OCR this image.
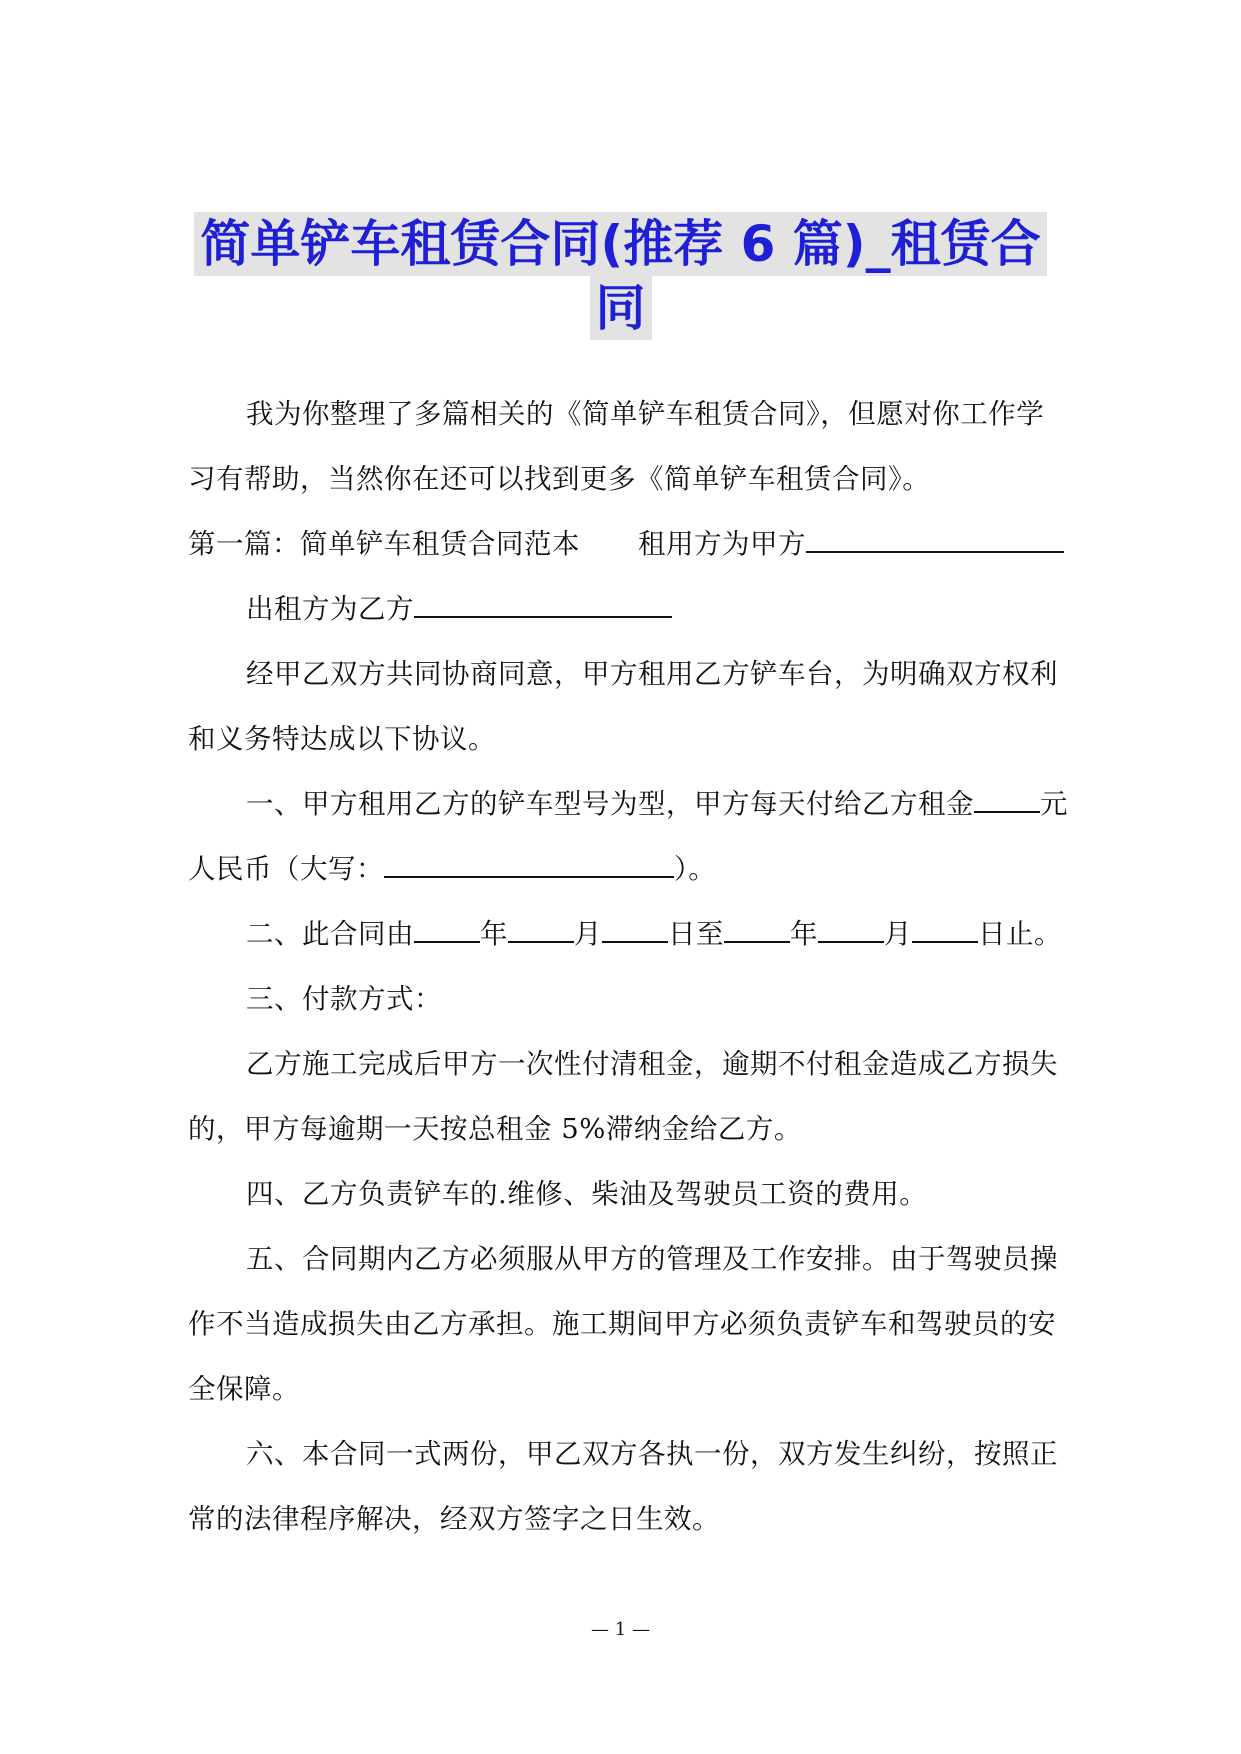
简单铲车租赁合同(推荐 6 篇)_租赁合
同

我为你整理了多篇相关的《简单铲车租赁合同》，但愿对你工作学习有帮助，当然你在还可以找到更多《简单铲车租赁合同》。

第一篇：简单铲车租赁合同范本 租用方为甲方

出租方为乙方

经甲乙双方共同协商同意，甲方租用乙方铲车台，为明确双方权利和义务特达成以下协议。

一、甲方租用乙方的铲车型号为型，甲方每天付给乙方租金 元人民币（大写：	）。

二、此合同由 年 月 日至 年 月 日止。

三、付款方式：

乙方施工完成后甲方一次性付清租金，逾期不付租金造成乙方损失的，甲方每逾期一天按总租金 5%滞纳金给乙方。

四、乙方负责铲车的.维修、柴油及驾驶员工资的费用。

五、合同期内乙方必须服从甲方的管理及工作安排。由于驾驶员操作不当造成损失由乙方承担。施工期间甲方必须负责铲车和驾驶员的安全保障。

六、本合同一式两份，甲乙双方各执一份，双方发生纠纷，按照正常的法律程序解决，经双方签字之日生效。

— 1 —
